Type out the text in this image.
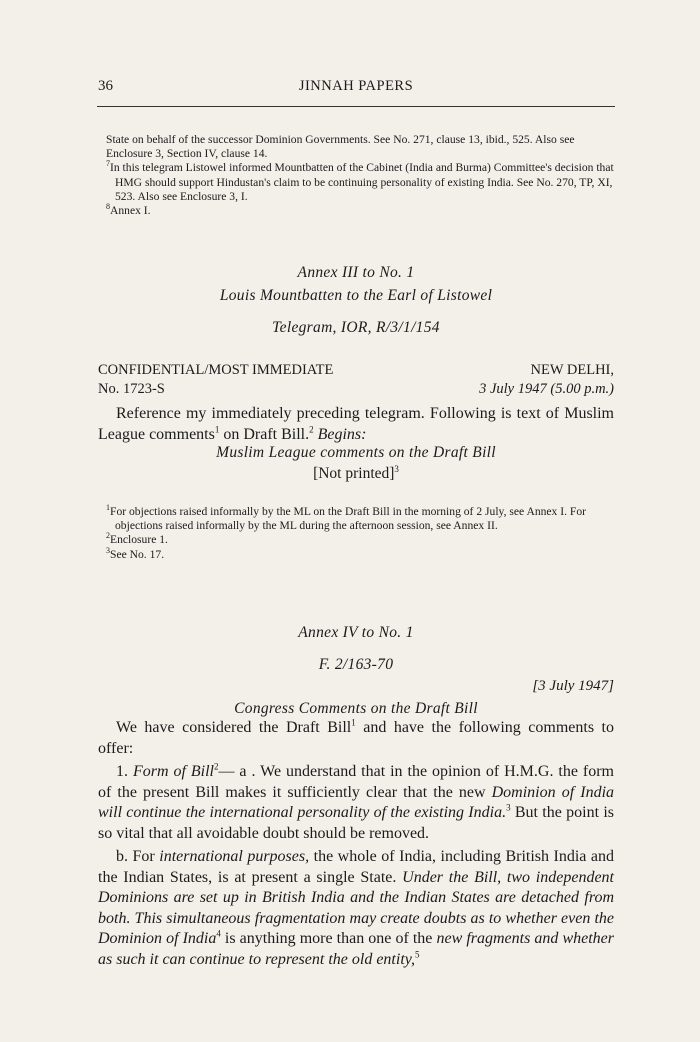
36	JINNAH PAPERS

State on behalf of the successor Dominion Governments. See No. 271, clause 13, ibid., 525. Also see Enclosure 3, Section IV, clause 14.

$^7$In this telegram Listowel informed Mountbatten of the Cabinet (India and Burma) Committee's decision that HMG should support Hindustan's claim to be continuing personality of existing India. See No. 270, TP, XI, 523. Also see Enclosure 3, I.

$^8$Annex I.

Annex III to No. 1
Louis Mountbatten to the Earl of Listowel
Telegram, IOR, R/3/1/154
CONFIDENTIAL/MOST IMMEDIATE	NEW DELHI,
No. 1723-S	3 July 1947 (5.00 p.m.)

Reference my immediately preceding telegram. Following is text of Muslim League comments$^1$ on Draft Bill.$^2$ Begins:

Muslim League comments on the Draft Bill
[Not printed]$^3$

$^1$For objections raised informally by the ML on the Draft Bill in the morning of 2 July, see Annex I. For objections raised informally by the ML during the afternoon session, see Annex II.

$^2$Enclosure 1.

$^3$See No. 17.

Annex IV to No. 1
F. 2/163-70
[3 July 1947]
Congress Comments on the Draft Bill

We have considered the Draft Bill$^1$ and have the following comments to offer:

1. Form of Bill$^2$— a . We understand that in the opinion of H.M.G. the form of the present Bill makes it sufficiently clear that the new Dominion of India will continue the international personality of the existing India.$^3$ But the point is so vital that all avoidable doubt should be removed.

b. For international purposes, the whole of India, including British India and the Indian States, is at present a single State. Under the Bill, two independent Dominions are set up in British India and the Indian States are detached from both. This simultaneous fragmentation may create doubts as to whether even the Dominion of India$^4$ is anything more than one of the new fragments and whether as such it can continue to represent the old entity,$^5$
